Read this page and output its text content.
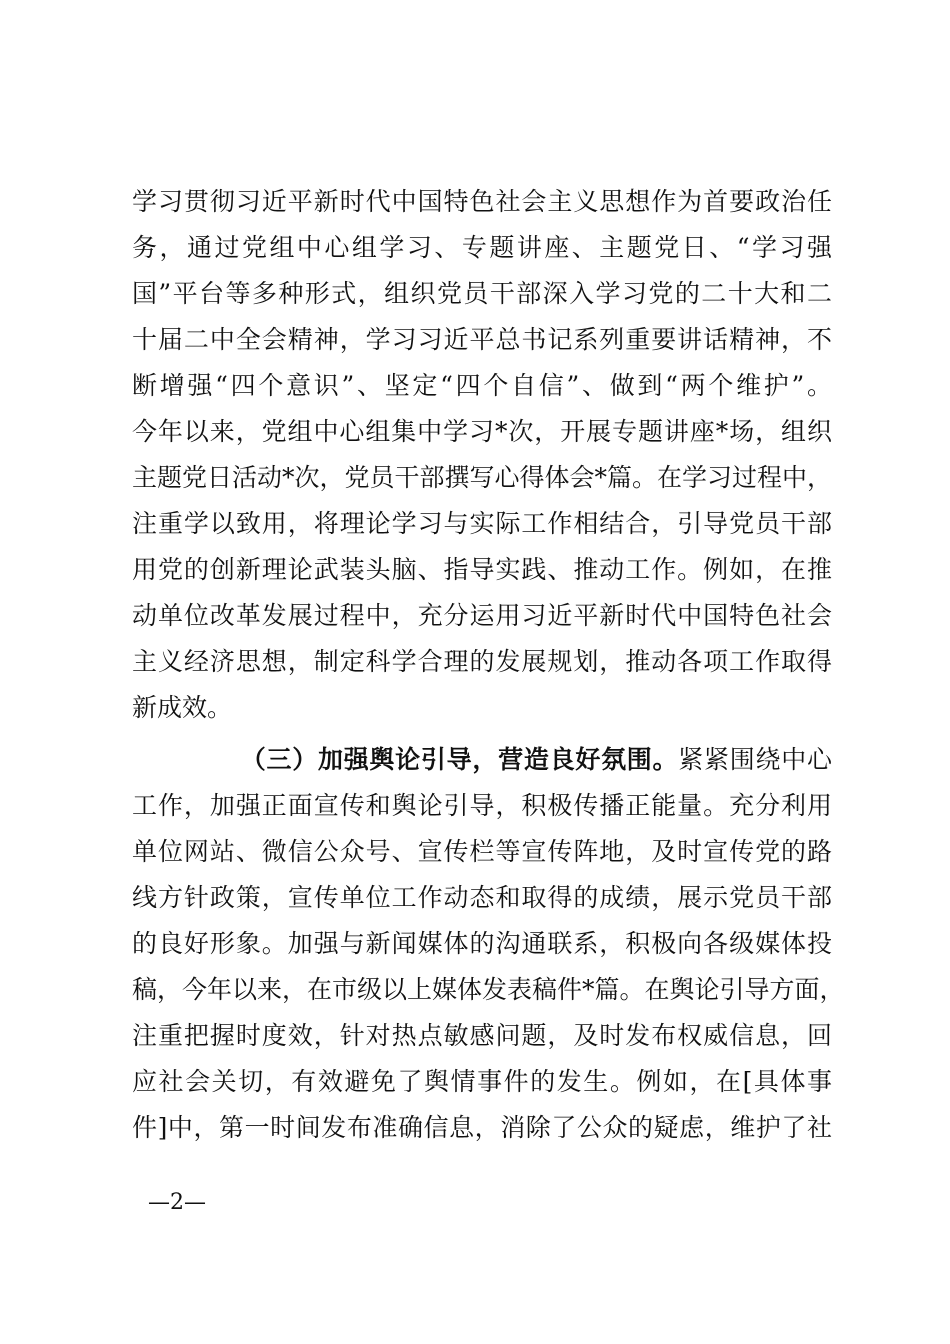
学习贯彻习近平新时代中国特色社会主义思想作为首要政治任
务，通过党组中心组学习、专题讲座、主题党日、“学习强
国”平台等多种形式，组织党员干部深入学习党的二十大和二
十届二中全会精神，学习习近平总书记系列重要讲话精神，不
断增强“四个意识”、坚定“四个自信”、做到“两个维护”。
今年以来，党组中心组集中学习*次，开展专题讲座*场，组织
主题党日活动*次，党员干部撰写心得体会*篇。在学习过程中，
注重学以致用，将理论学习与实际工作相结合，引导党员干部
用党的创新理论武装头脑、指导实践、推动工作。例如，在推
动单位改革发展过程中，充分运用习近平新时代中国特色社会
主义经济思想，制定科学合理的发展规划，推动各项工作取得
新成效。
（三）加强舆论引导，营造良好氛围。紧紧围绕中心
工作，加强正面宣传和舆论引导，积极传播正能量。充分利用
单位网站、微信公众号、宣传栏等宣传阵地，及时宣传党的路
线方针政策，宣传单位工作动态和取得的成绩，展示党员干部
的良好形象。加强与新闻媒体的沟通联系，积极向各级媒体投
稿，今年以来，在市级以上媒体发表稿件*篇。在舆论引导方面，
注重把握时度效，针对热点敏感问题，及时发布权威信息，回
应社会关切，有效避免了舆情事件的发生。例如，在[具体事
件]中，第一时间发布准确信息，消除了公众的疑虑，维护了社
—2—
